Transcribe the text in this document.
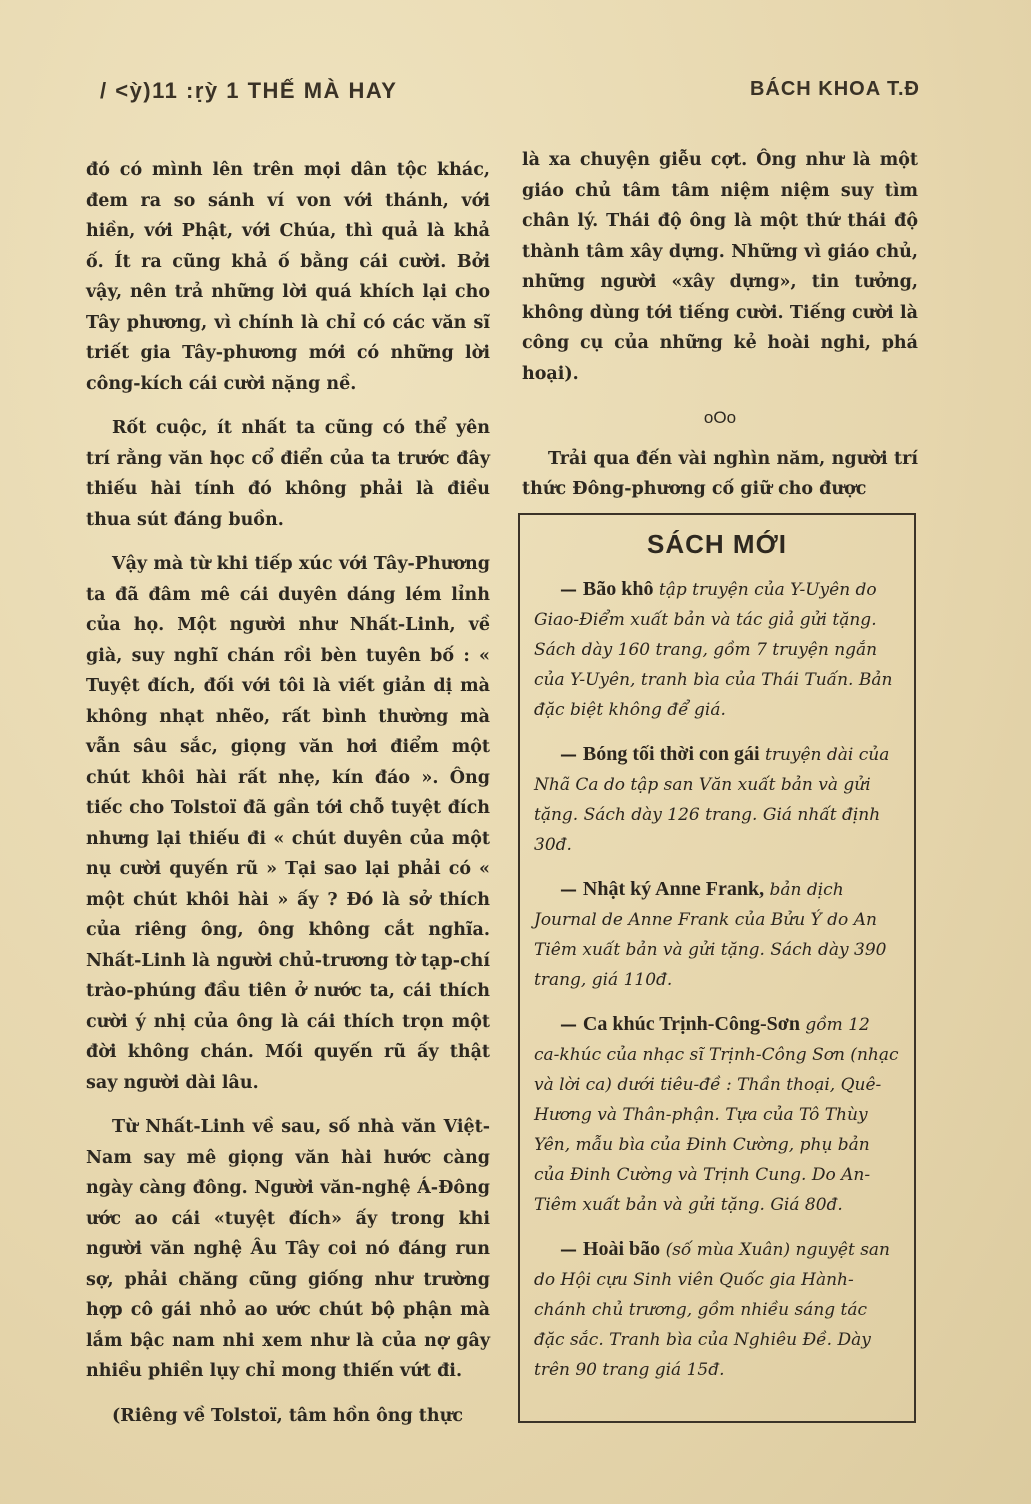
/ <ỳ)11 :ṛỳ 1 THẾ MÀ HAY	BÁCH KHOA T.Đ

đó có mình lên trên mọi dân tộc khác, đem ra so sánh ví von với thánh, với hiền, với Phật, với Chúa, thì quả là khả ố. Ít ra cũng khả ố bằng cái cười. Bởi vậy, nên trả những lời quá khích lại cho Tây phương, vì chính là chỉ có các văn sĩ triết gia Tây-phương mới có những lời công-kích cái cười nặng nề.

Rốt cuộc, ít nhất ta cũng có thể yên trí rằng văn học cổ điển của ta trước đây thiếu hài tính đó không phải là điều thua sút đáng buồn.

Vậy mà từ khi tiếp xúc với Tây-Phương ta đã đâm mê cái duyên dáng lém lỉnh của họ. Một người như Nhất-Linh, về già, suy nghĩ chán rồi bèn tuyên bố : « Tuyệt đích, đối với tôi là viết giản dị mà không nhạt nhẽo, rất bình thường mà vẫn sâu sắc, giọng văn hơi điểm một chút khôi hài rất nhẹ, kín đáo ». Ông tiếc cho Tolstoï đã gần tới chỗ tuyệt đích nhưng lại thiếu đi « chút duyên của một nụ cười quyến rũ » Tại sao lại phải có « một chút khôi hài » ấy ? Đó là sở thích của riêng ông, ông không cắt nghĩa. Nhất-Linh là người chủ-trương tờ tạp-chí trào-phúng đầu tiên ở nước ta, cái thích cười ý nhị của ông là cái thích trọn một đời không chán. Mối quyến rũ ấy thật say người dài lâu.

Từ Nhất-Linh về sau, số nhà văn Việt-Nam say mê giọng văn hài hước càng ngày càng đông. Người văn-nghệ Á-Đông ước ao cái «tuyệt đích» ấy trong khi người văn nghệ Âu Tây coi nó đáng run sợ, phải chăng cũng giống như trường hợp cô gái nhỏ ao ước chút bộ phận mà lắm bậc nam nhi xem như là của nợ gây nhiều phiền lụy chỉ mong thiến vứt đi.

(Riêng về Tolstoï, tâm hồn ông thực

là xa chuyện giễu cợt. Ông như là một giáo chủ tâm tâm niệm niệm suy tìm chân lý. Thái độ ông là một thứ thái độ thành tâm xây dựng. Những vì giáo chủ, những người «xây dựng», tin tưởng, không dùng tới tiếng cười. Tiếng cười là công cụ của những kẻ hoài nghi, phá hoại).

oOo

Trải qua đến vài nghìn năm, người trí thức Đông-phương cố giữ cho được

SÁCH MỚI
— Bão khô tập truyện của Y-Uyên do Giao-Điểm xuất bản và tác giả gửi tặng. Sách dày 160 trang, gồm 7 truyện ngắn của Y-Uyên, tranh bìa của Thái Tuấn. Bản đặc biệt không để giá.
— Bóng tối thời con gái truyện dài của Nhã Ca do tập san Văn xuất bản và gửi tặng. Sách dày 126 trang. Giá nhất định 30đ.
— Nhật ký Anne Frank, bản dịch Journal de Anne Frank của Bửu Ý do An Tiêm xuất bản và gửi tặng. Sách dày 390 trang, giá 110đ.
— Ca khúc Trịnh-Công-Sơn gồm 12 ca-khúc của nhạc sĩ Trịnh-Công Sơn (nhạc và lời ca) dưới tiêu-đề : Thần thoại, Quê-Hương và Thân-phận. Tựa của Tô Thùy Yên, mẫu bìa của Đinh Cường, phụ bản của Đinh Cường và Trịnh Cung. Do An-Tiêm xuất bản và gửi tặng. Giá 80đ.
— Hoài bão (số mùa Xuân) nguyệt san do Hội cựu Sinh viên Quốc gia Hành-chánh chủ trương, gồm nhiều sáng tác đặc sắc. Tranh bìa của Nghiêu Đề. Dày trên 90 trang giá 15đ.
